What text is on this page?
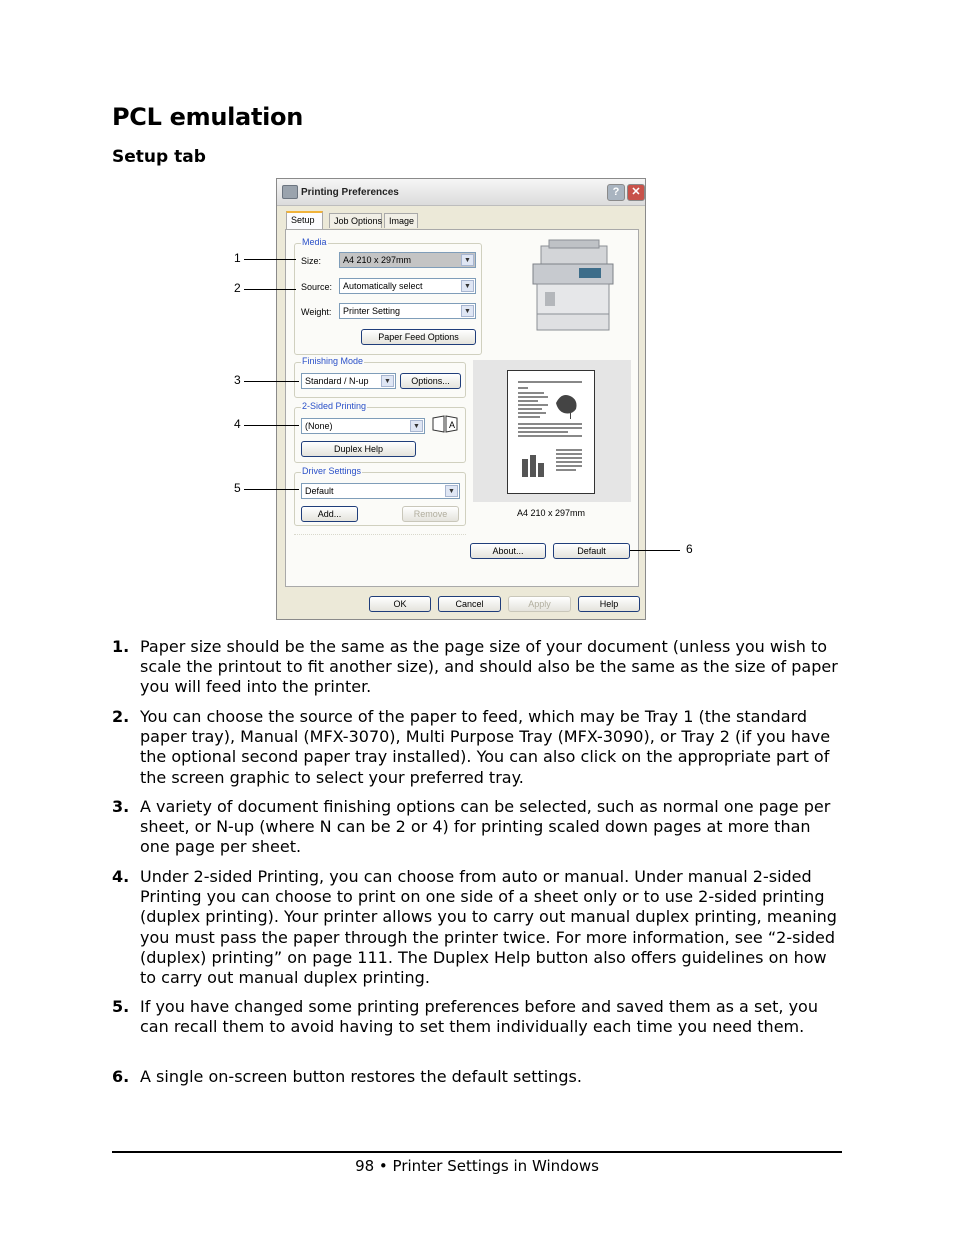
PCL emulation
Setup tab
Printing Preferences	?	✕
Job Options Image
Setup
Media
Size: A4 210 x 297mm	▼
Source: Automatically select	▼
Weight: Printer Setting	▼
Paper Feed Options
Finishing Mode
Standard / N-up	▼	Options...
2-Sided Printing
(None)	▼	A
Duplex Help
Driver Settings
Default	▼
Add...	Remove	A4 210 x 297mm
About...	Default
OK	Cancel	Apply	Help
1
2
3
4
5
6
1. Paper size should be the same as the page size of your document (unless you wish to scale the printout to fit another size), and should also be the same as the size of paper you will feed into the printer.
2. You can choose the source of the paper to feed, which may be Tray 1 (the standard paper tray), Manual (MFX-3070), Multi Purpose Tray (MFX-3090), or Tray 2 (if you have the optional second paper tray installed). You can also click on the appropriate part of the screen graphic to select your preferred tray.
3. A variety of document finishing options can be selected, such as normal one page per sheet, or N-up (where N can be 2 or 4) for printing scaled down pages at more than one page per sheet.
4. Under 2-sided Printing, you can choose from auto or manual. Under manual 2-sided Printing you can choose to print on one side of a sheet only or to use 2-sided printing (duplex printing). Your printer allows you to carry out manual duplex printing, meaning you must pass the paper through the printer twice. For more information, see “2-sided (duplex) printing” on page 111. The Duplex Help button also offers guidelines on how to carry out manual duplex printing.
5. If you have changed some printing preferences before and saved them as a set, you can recall them to avoid having to set them individually each time you need them.
6. A single on-screen button restores the default settings.
98 • Printer Settings in Windows
